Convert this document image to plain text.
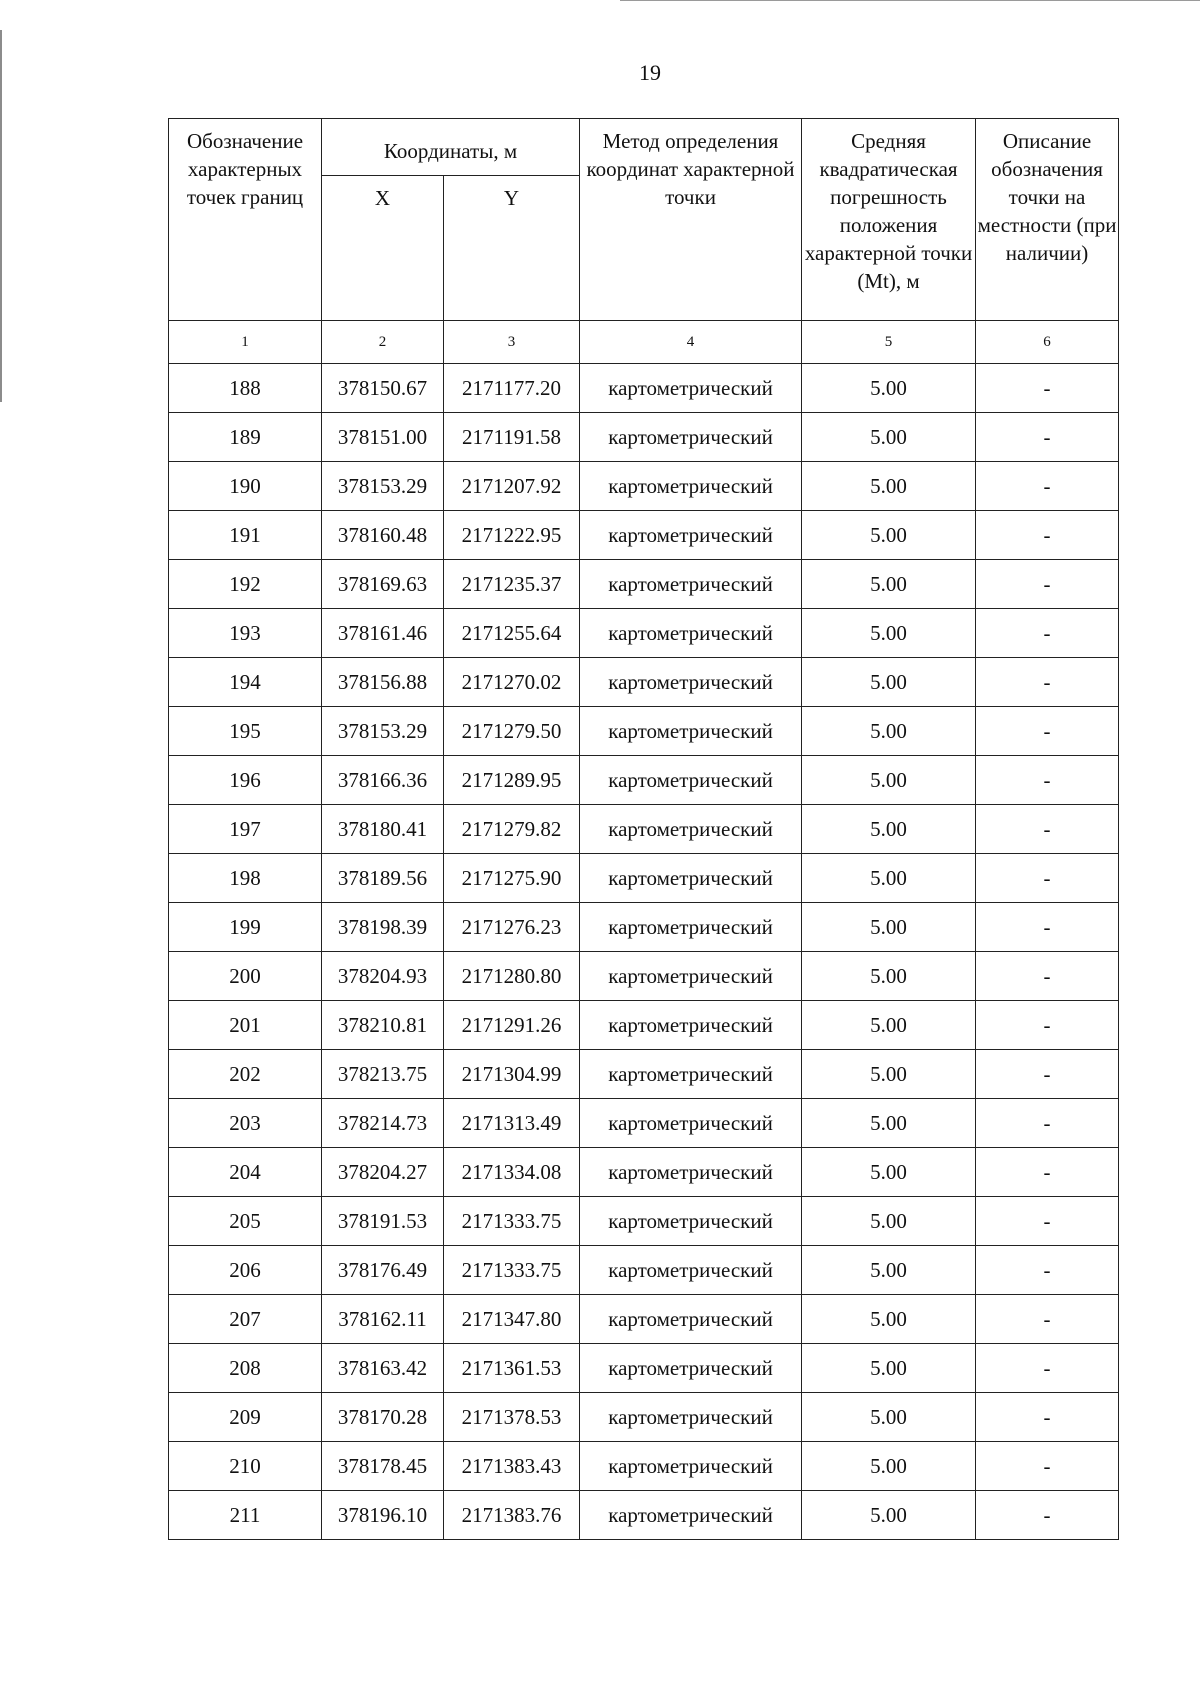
19
Обозначение характерных точек границ	Координаты, м		Метод определения координат характерной точки	Средняя квадратическая погрешность положения характерной точки (Mt), м	Описание обозначения точки на местности (при наличии)
	X	Y			
1	2	3	4	5	6
188	378150.67	2171177.20	картометрический	5.00	-
189	378151.00	2171191.58	картометрический	5.00	-
190	378153.29	2171207.92	картометрический	5.00	-
191	378160.48	2171222.95	картометрический	5.00	-
192	378169.63	2171235.37	картометрический	5.00	-
193	378161.46	2171255.64	картометрический	5.00	-
194	378156.88	2171270.02	картометрический	5.00	-
195	378153.29	2171279.50	картометрический	5.00	-
196	378166.36	2171289.95	картометрический	5.00	-
197	378180.41	2171279.82	картометрический	5.00	-
198	378189.56	2171275.90	картометрический	5.00	-
199	378198.39	2171276.23	картометрический	5.00	-
200	378204.93	2171280.80	картометрический	5.00	-
201	378210.81	2171291.26	картометрический	5.00	-
202	378213.75	2171304.99	картометрический	5.00	-
203	378214.73	2171313.49	картометрический	5.00	-
204	378204.27	2171334.08	картометрический	5.00	-
205	378191.53	2171333.75	картометрический	5.00	-
206	378176.49	2171333.75	картометрический	5.00	-
207	378162.11	2171347.80	картометрический	5.00	-
208	378163.42	2171361.53	картометрический	5.00	-
209	378170.28	2171378.53	картометрический	5.00	-
210	378178.45	2171383.43	картометрический	5.00	-
211	378196.10	2171383.76	картометрический	5.00	-
